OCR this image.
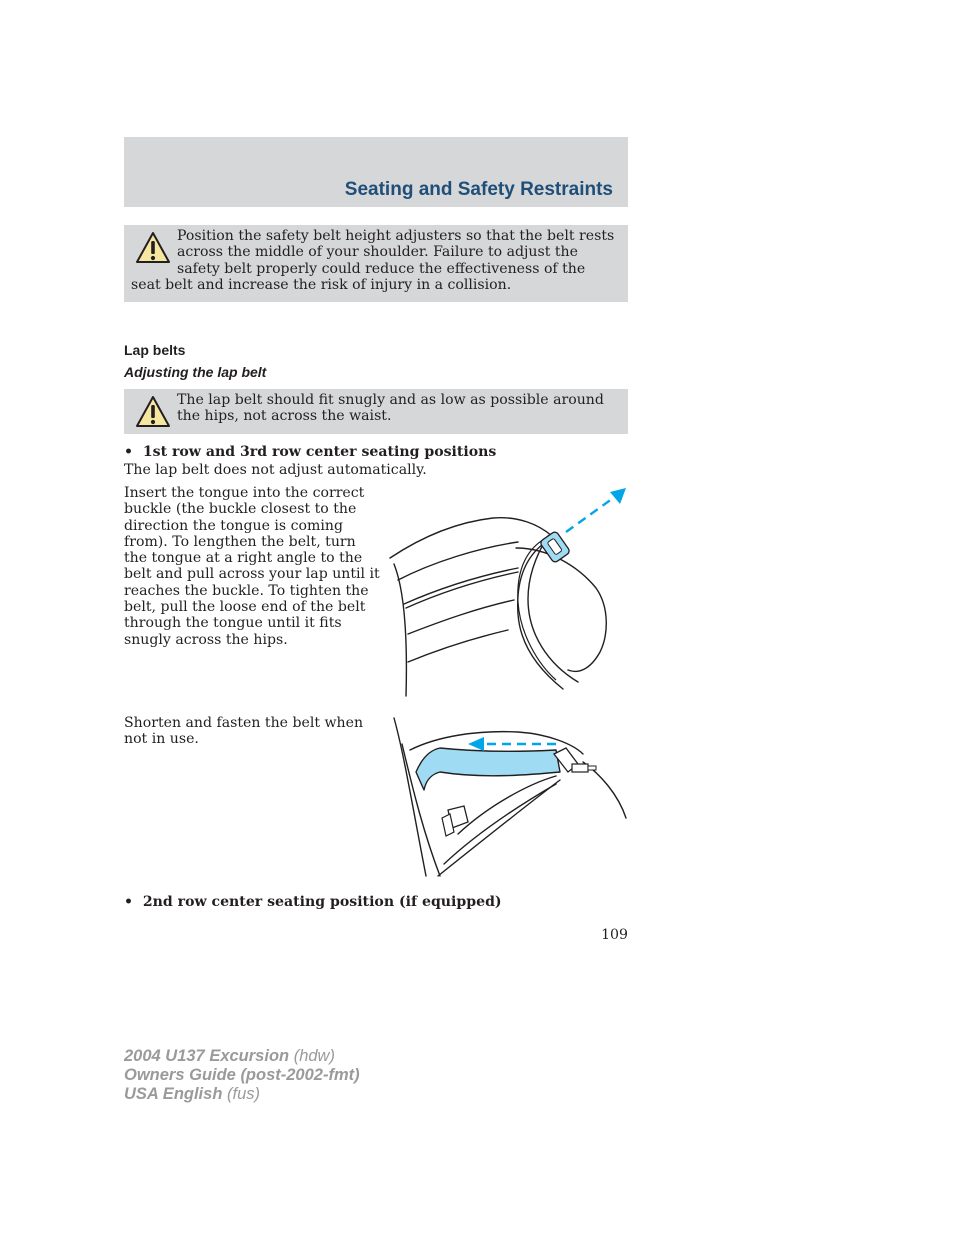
Seating and Safety Restraints
Position the safety belt height adjusters so that the belt rests across the middle of your shoulder. Failure to adjust the safety belt properly could reduce the effectiveness of the seat belt and increase the risk of injury in a collision.
Lap belts
Adjusting the lap belt
The lap belt should fit snugly and as low as possible around the hips, not across the waist.
•  1st row and 3rd row center seating positions
The lap belt does not adjust automatically.
Insert the tongue into the correct buckle (the buckle closest to the direction the tongue is coming from). To lengthen the belt, turn the tongue at a right angle to the belt and pull across your lap until it reaches the buckle. To tighten the belt, pull the loose end of the belt through the tongue until it fits snugly across the hips.
Shorten and fasten the belt when not in use.
•  2nd row center seating position (if equipped)
109
2004 U137 Excursion (hdw)
Owners Guide (post-2002-fmt)
USA English (fus)
